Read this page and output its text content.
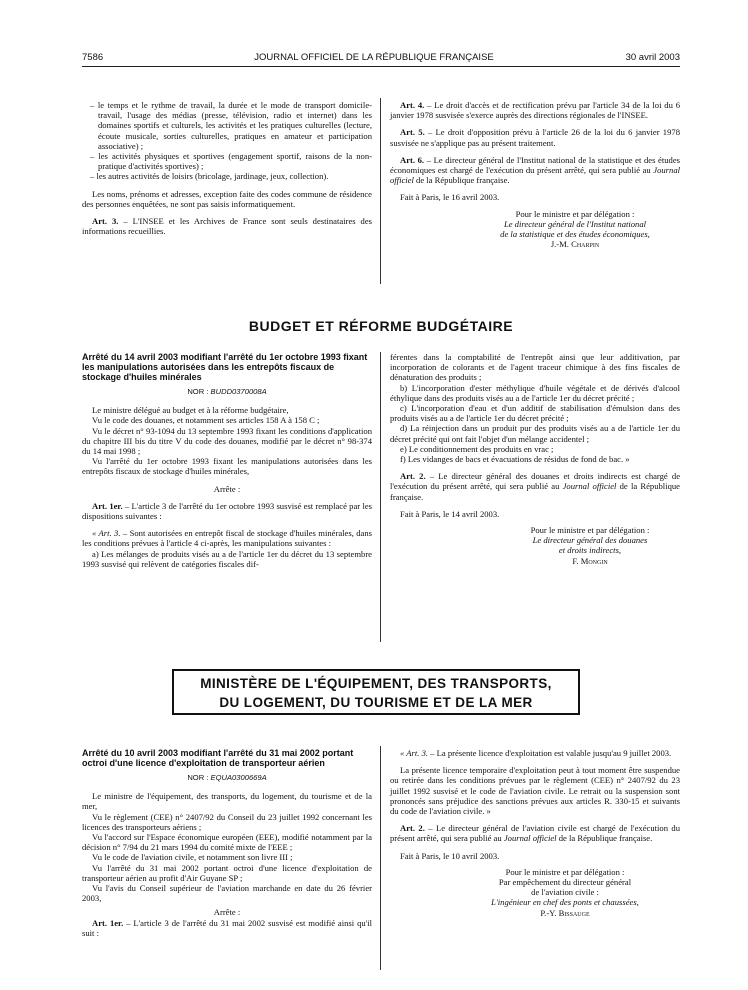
7586	JOURNAL OFFICIEL DE LA RÉPUBLIQUE FRANÇAISE	30 avril 2003
– le temps et le rythme de travail, la durée et le mode de transport domicile-travail, l'usage des médias (presse, télévision, radio et internet) dans les domaines sportifs et culturels, les activités et les pratiques culturelles (lecture, écoute musicale, sorties culturelles, pratiques en amateur et participation associative) ;
– les activités physiques et sportives (engagement sportif, raisons de la non-pratique d'activités sportives) ;
– les autres activités de loisirs (bricolage, jardinage, jeux, collection).

Les noms, prénoms et adresses, exception faite des codes commune de résidence des personnes enquêtées, ne sont pas saisis informatiquement.

Art. 3. – L'INSEE et les Archives de France sont seuls destinataires des informations recueillies.

Art. 4. – Le droit d'accès et de rectification prévu par l'article 34 de la loi du 6 janvier 1978 susvisée s'exerce auprès des directions régionales de l'INSEE.

Art. 5. – Le droit d'opposition prévu à l'article 26 de la loi du 6 janvier 1978 susvisée ne s'applique pas au présent traitement.

Art. 6. – Le directeur général de l'Institut national de la statistique et des études économiques est chargé de l'exécution du présent arrêté, qui sera publié au Journal officiel de la République française.

Fait à Paris, le 16 avril 2003.

Pour le ministre et par délégation :
Le directeur général de l'Institut national
de la statistique et des études économiques,
J.-M. Charpin
BUDGET ET RÉFORME BUDGÉTAIRE

Arrêté du 14 avril 2003 modifiant l'arrêté du 1er octobre 1993 fixant les manipulations autorisées dans les entrepôts fiscaux de stockage d'huiles minérales

NOR : BUDD0370008A

Le ministre délégué au budget et à la réforme budgétaire,

Vu le code des douanes, et notamment ses articles 158 A à 158 C ;

Vu le décret n° 93-1094 du 13 septembre 1993 fixant les conditions d'application du chapitre III bis du titre V du code des douanes, modifié par le décret n° 98-374 du 14 mai 1998 ;

Vu l'arrêté du 1er octobre 1993 fixant les manipulations autorisées dans les entrepôts fiscaux de stockage d'huiles minérales,

Arrête :

Art. 1er. – L'article 3 de l'arrêté du 1er octobre 1993 susvisé est remplacé par les dispositions suivantes :

« Art. 3. – Sont autorisées en entrepôt fiscal de stockage d'huiles minérales, dans les conditions prévues à l'article 4 ci-après, les manipulations suivantes :

a) Les mélanges de produits visés au a de l'article 1er du décret du 13 septembre 1993 susvisé qui relèvent de catégories fiscales dif-

férentes dans la comptabilité de l'entrepôt ainsi que leur additivation, par incorporation de colorants et de l'agent traceur chimique à des fins fiscales de dénaturation des produits ;

b) L'incorporation d'ester méthylique d'huile végétale et de dérivés d'alcool éthylique dans des produits visés au a de l'article 1er du décret précité ;

c) L'incorporation d'eau et d'un additif de stabilisation d'émulsion dans des produits visés au a de l'article 1er du décret précité ;

d) La réinjection dans un produit pur des produits visés au a de l'article 1er du décret précité qui ont fait l'objet d'un mélange accidentel ;

e) Le conditionnement des produits en vrac ;

f) Les vidanges de bacs et évacuations de résidus de fond de bac. »

Art. 2. – Le directeur général des douanes et droits indirects est chargé de l'exécution du présent arrêté, qui sera publié au Journal officiel de la République française.

Fait à Paris, le 14 avril 2003.

Pour le ministre et par délégation :
Le directeur général des douanes
et droits indirects,
F. Mongin
MINISTÈRE DE L'ÉQUIPEMENT, DES TRANSPORTS,
DU LOGEMENT, DU TOURISME ET DE LA MER

Arrêté du 10 avril 2003 modifiant l'arrêté du 31 mai 2002 portant octroi d'une licence d'exploitation de transporteur aérien

NOR : EQUA0300669A

Le ministre de l'équipement, des transports, du logement, du tourisme et de la mer,

Vu le règlement (CEE) n° 2407/92 du Conseil du 23 juillet 1992 concernant les licences des transporteurs aériens ;

Vu l'accord sur l'Espace économique européen (EEE), modifié notamment par la décision n° 7/94 du 21 mars 1994 du comité mixte de l'EEE ;

Vu le code de l'aviation civile, et notamment son livre III ;

Vu l'arrêté du 31 mai 2002 portant octroi d'une licence d'exploitation de transporteur aérien au profit d'Air Guyane SP ;

Vu l'avis du Conseil supérieur de l'aviation marchande en date du 26 février 2003,

Arrête :

Art. 1er. – L'article 3 de l'arrêté du 31 mai 2002 susvisé est modifié ainsi qu'il suit :

« Art. 3. – La présente licence d'exploitation est valable jusqu'au 9 juillet 2003.

La présente licence temporaire d'exploitation peut à tout moment être suspendue ou retirée dans les conditions prévues par le règlement (CEE) n° 2407/92 du 23 juillet 1992 susvisé et le code de l'aviation civile. Le retrait ou la suspension sont prononcés sans préjudice des sanctions prévues aux articles R. 330-15 et suivants du code de l'aviation civile. »

Art. 2. – Le directeur général de l'aviation civile est chargé de l'exécution du présent arrêté, qui sera publié au Journal officiel de la République française.

Fait à Paris, le 10 avril 2003.

Pour le ministre et par délégation :
Par empêchement du directeur général
de l'aviation civile :
L'ingénieur en chef des ponts et chaussées,
P.-Y. Bissauge
